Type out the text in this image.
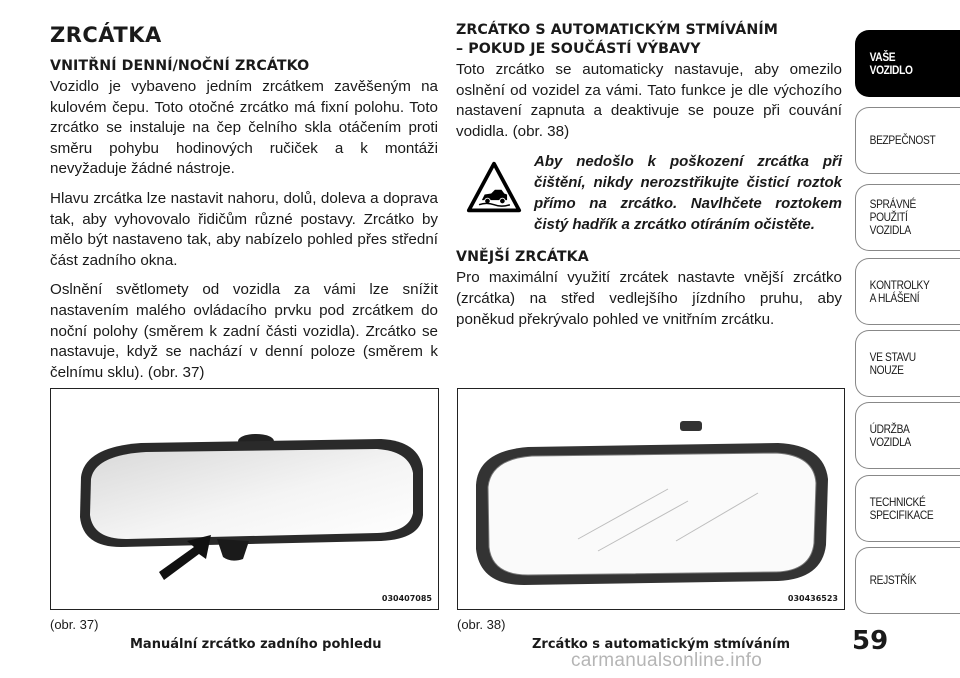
ZRCÁTKA
VNITŘNÍ DENNÍ/NOČNÍ ZRCÁTKO

Vozidlo je vybaveno jedním zrcátkem zavěšeným na kulovém čepu. Toto otočné zrcátko má fixní polohu. Toto zrcátko se instaluje na čep čelního skla otáčením proti směru pohybu hodinových ručiček a k montáži nevyžaduje žádné nástroje.

Hlavu zrcátka lze nastavit nahoru, dolů, doleva a doprava tak, aby vyhovovalo řidičům různé postavy. Zrcátko by mělo být nastaveno tak, aby nabízelo pohled přes střední část zadního okna.

Oslnění světlomety od vozidla za vámi lze snížit nastavením malého ovládacího prvku pod zrcátkem do noční polohy (směrem k zadní části vozidla). Zrcátko se nastavuje, když se nachází v denní poloze (směrem k čelnímu sklu). (obr. 37)

ZRCÁTKO S AUTOMATICKÝM STMÍVÁNÍM
– POKUD JE SOUČÁSTÍ VÝBAVY

Toto zrcátko se automaticky nastavuje, aby omezilo oslnění od vozidel za vámi. Tato funkce je dle výchozího nastavení zapnuta a deaktivuje se pouze při couvání vodidla. (obr. 38)

Aby nedošlo k poškození zrcátka při čištění, nikdy nerozstřikujte čisticí roztok přímo na zrcátko. Navlhčete roztokem čistý hadřík a zrcátko otíráním očistěte.

VNĚJŠÍ ZRCÁTKA

Pro maximální využití zrcátek nastavte vnější zrcátko (zrcátka) na střed vedlejšího jízdního pruhu, aby poněkud překrývalo pohled ve vnitřním zrcátku.

030407085	030436523
(obr. 37)
Manuální zrcátko zadního pohledu
(obr. 38)
Zrcátko s automatickým stmíváním 59
VAŠE
VOZIDLO
BEZPEČNOST
SPRÁVNÉ
POUŽITÍ
VOZIDLA
KONTROLKY
A HLÁŠENÍ
VE STAVU
NOUZE
ÚDRŽBA
VOZIDLA
TECHNICKÉ
SPECIFIKACE
REJSTŘÍK
carmanualsonline.info
